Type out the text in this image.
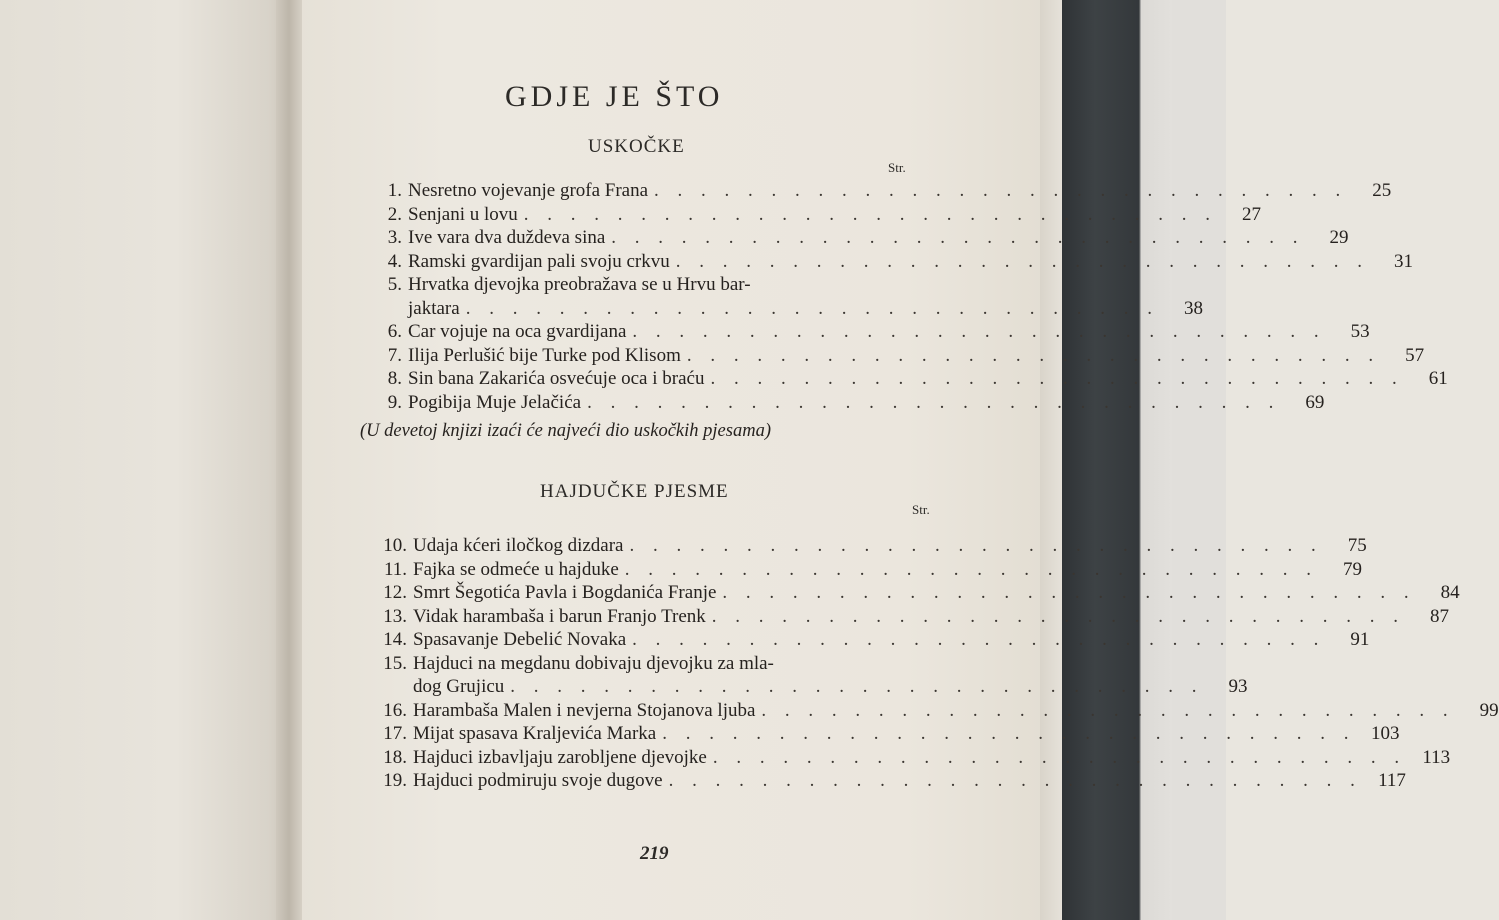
GDJE JE ŠTO
USKOČKE
Str.
1. Nesretno vojevanje grofa Frana . . . . . . . . . . . . . . . . . . . . . . . . . . . . . .	25
2. Senjani u lovu . . . . . . . . . . . . . . . . . . . . . . . . . . . . . .	27
3. Ive vara dva duždeva sina . . . . . . . . . . . . . . . . . . . . . . . . . . . . . .	29
4. Ramski gvardijan pali svoju crkvu . . . . . . . . . . . . . . . . . . . . . . . . . . . . . .	31
5. Hrvatka djevojka preobražava se u Hrvu bar-
jaktara . . . . . . . . . . . . . . . . . . . . . . . . . . . . . .	38
6. Car vojuje na oca gvardijana . . . . . . . . . . . . . . . . . . . . . . . . . . . . . .	53
7. Ilija Perlušić bije Turke pod Klisom . . . . . . . . . . . . . . . . . . . . . . . . . . . . . .	57
8. Sin bana Zakarića osvećuje oca i braću . . . . . . . . . . . . . . . . . . . . . . . . . . . . . .	61
9. Pogibija Muje Jelačića . . . . . . . . . . . . . . . . . . . . . . . . . . . . . .	69
(U devetoj knjizi izaći će najveći dio uskočkih pjesama)
HAJDUČKE PJESME
Str.
10. Udaja kćeri iločkog dizdara . . . . . . . . . . . . . . . . . . . . . . . . . . . . . .	75
11. Fajka se odmeće u hajduke . . . . . . . . . . . . . . . . . . . . . . . . . . . . . .	79
12. Smrt Šegotića Pavla i Bogdanića Franje . . . . . . . . . . . . . . . . . . . . . . . . . . . . . .	84
13. Vidak harambaša i barun Franjo Trenk . . . . . . . . . . . . . . . . . . . . . . . . . . . . . .	87
14. Spasavanje Debelić Novaka . . . . . . . . . . . . . . . . . . . . . . . . . . . . . .	91
15. Hajduci na megdanu dobivaju djevojku za mla-
dog Grujicu . . . . . . . . . . . . . . . . . . . . . . . . . . . . . .	93
16. Harambaša Malen i nevjerna Stojanova ljuba . . . . . . . . . . . . . . . . . . . . . . . . . . . . . .	99
17. Mijat spasava Kraljevića Marka . . . . . . . . . . . . . . . . . . . . . . . . . . . . . . 103
18. Hajduci izbavljaju zarobljene djevojke . . . . . . . . . . . . . . . . . . . . . . . . . . . . . . 113
19. Hajduci podmiruju svoje dugove . . . . . . . . . . . . . . . . . . . . . . . . . . . . . . 117
219
